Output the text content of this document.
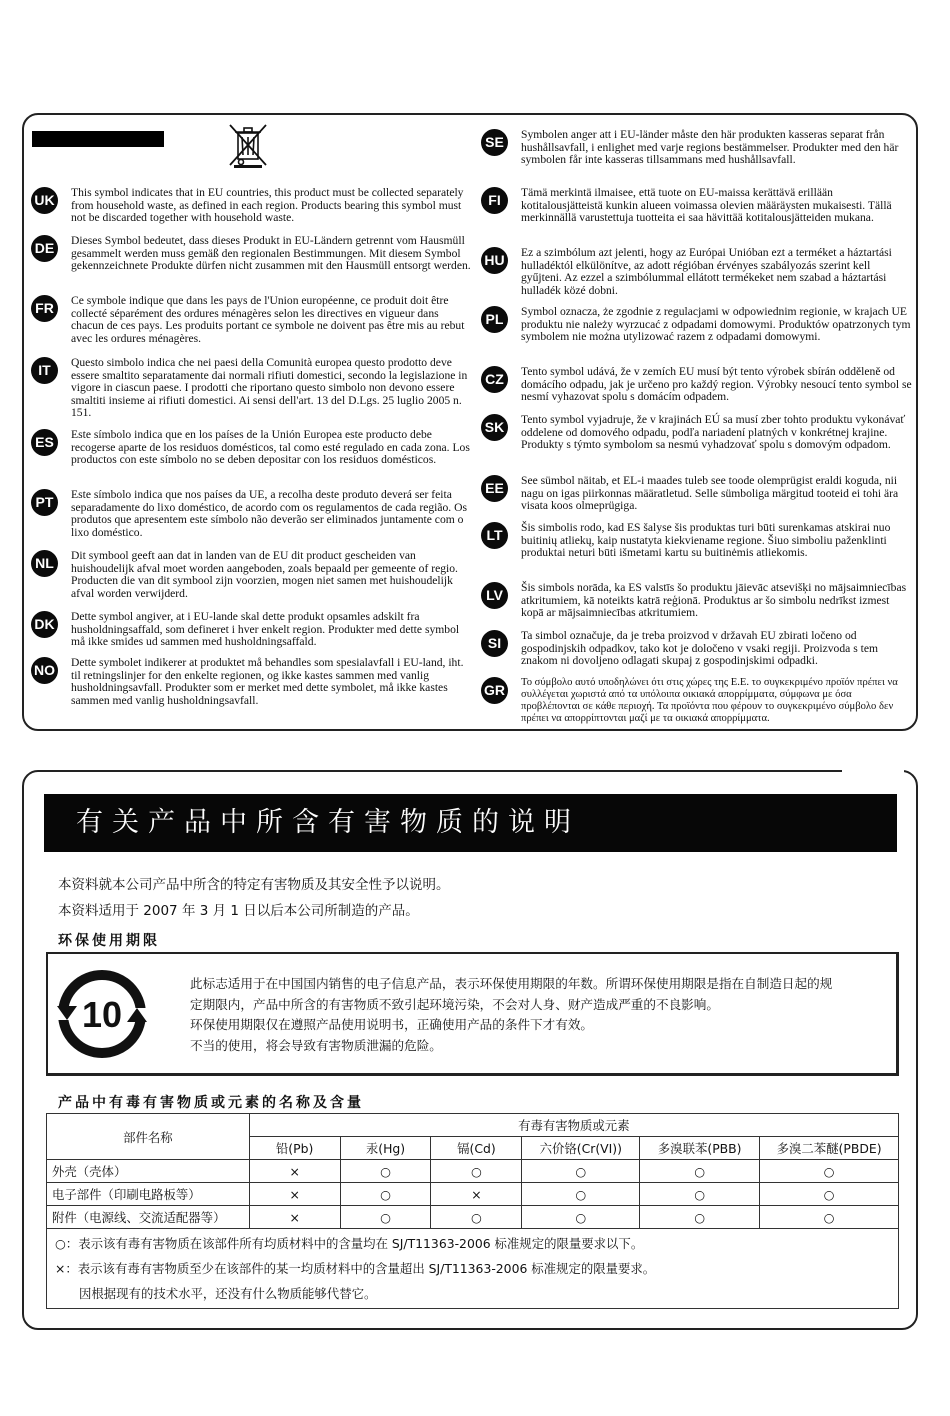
UK This symbol indicates that in EU countries, this product must be collected separately from household waste, as defined in each region. Products bearing this symbol must not be discarded together with household waste.

DE	Dieses Symbol bedeutet, dass dieses Produkt in EU-Ländern getrennt vom Hausmüll gesammelt werden muss gemäß den regionalen Bestimmungen. Mit diesem Symbol gekennzeichnete Produkte dürfen nicht zusammen mit den Hausmüll entsorgt werden.

FR	Ce symbole indique que dans les pays de l'Union européenne, ce produit doit être collecté séparément des ordures ménagères selon les directives en vigueur dans chacun de ces pays. Les produits portant ce symbole ne doivent pas être mis au rebut avec les ordures ménagères.

IT	Questo simbolo indica che nei paesi della Comunità europea questo prodotto deve essere smaltito separatamente dai normali rifiuti domestici, secondo la legislazione in vigore in ciascun paese. I prodotti che riportano questo simbolo non devono essere smaltiti insieme ai rifiuti domestici. Ai sensi dell'art. 13 del D.Lgs. 25 luglio 2005 n. 151.

ES	Este símbolo indica que en los países de la Unión Europea este producto debe recogerse aparte de los residuos domésticos, tal como esté regulado en cada zona. Los productos con este símbolo no se deben depositar con los residuos domésticos.

PT	Este símbolo indica que nos países da UE, a recolha deste produto deverá ser feita separadamente do lixo doméstico, de acordo com os regulamentos de cada região. Os produtos que apresentem este símbolo não deverão ser eliminados juntamente com o lixo doméstico.

NL	Dit symbool geeft aan dat in landen van de EU dit product gescheiden van huishoudelijk afval moet worden aangeboden, zoals bepaald per gemeente of regio. Producten die van dit symbool zijn voorzien, mogen niet samen met huishoudelijk afval worden verwijderd.

DK Dette symbol angiver, at i EU-lande skal dette produkt opsamles adskilt fra husholdningsaffald, som defineret i hver enkelt region. Produkter med dette symbol må ikke smides ud sammen med husholdningsaffald.

NO Dette symbolet indikerer at produktet må behandles som spesialavfall i EU-land, iht. til retningslinjer for den enkelte regionen, og ikke kastes sammen med vanlig husholdningsavfall. Produkter som er merket med dette symbolet, må ikke kastes sammen med vanlig husholdningsavfall.

SE	Symbolen anger att i EU-länder måste den här produkten kasseras separat från hushållsavfall, i enlighet med varje regions bestämmelser. Produkter med den här symbolen får inte kasseras tillsammans med hushållsavfall.

FI	Tämä merkintä ilmaisee, että tuote on EU-maissa kerättävä erillään kotitalousjätteistä kunkin alueen voimassa olevien määräysten mukaisesti. Tällä merkinnällä varustettuja tuotteita ei saa hävittää kotitalousjätteiden mukana.

HU Ez a szimbólum azt jelenti, hogy az Európai Unióban ezt a terméket a háztartási hulladéktól elkülönítve, az adott régióban érvényes szabályozás szerint kell gyűjteni. Az ezzel a szimbólummal ellátott termékeket nem szabad a háztartási hulladék közé dobni.

PL	Symbol oznacza, że zgodnie z regulacjami w odpowiednim regionie, w krajach UE produktu nie należy wyrzucać z odpadami domowymi. Produktów opatrzonych tym symbolem nie można utylizować razem z odpadami domowymi.

CZ	Tento symbol udává, že v zemích EU musí být tento výrobek sbírán odděleně od domácího odpadu, jak je určeno pro každý region. Výrobky nesoucí tento symbol se nesmí vyhazovat spolu s domácím odpadem.

SK	Tento symbol vyjadruje, že v krajinách EÚ sa musí zber tohto produktu vykonávať oddelene od domového odpadu, podľa nariadení platných v konkrétnej krajine. Produkty s týmto symbolom sa nesmú vyhadzovať spolu s domovým odpadom.

EE	See sümbol näitab, et EL-i maades tuleb see toode olemprügist eraldi koguda, nii nagu on igas piirkonnas määratletud. Selle sümboliga märgitud tooteid ei tohi ära visata koos olmeprügiga.

LT	Šis simbolis rodo, kad ES šalyse šis produktas turi būti surenkamas atskirai nuo buitinių atliekų, kaip nustatyta kiekviename regione. Šiuo simboliu paženklinti produktai neturi būti išmetami kartu su buitinėmis atliekomis.

LV	Šis simbols norāda, ka ES valstīs šo produktu jāievāc atsevišķi no mājsaimniecības atkritumiem, kā noteikts katrā reģionā. Produktus ar šo simbolu nedrīkst izmest kopā ar mājsaimniecības atkritumiem.

SI	Ta simbol označuje, da je treba proizvod v državah EU zbirati ločeno od gospodinjskih odpadkov, tako kot je določeno v vsaki regiji. Proizvoda s tem znakom ni dovoljeno odlagati skupaj z gospodinjskimi odpadki.

GR Το σύμβολο αυτό υποδηλώνει ότι στις χώρες της Ε.Ε. το συγκεκριμένο προϊόν πρέπει να συλλέγεται χωριστά από τα υπόλοιπα οικιακά απορρίμματα, σύμφωνα με όσα προβλέπονται σε κάθε περιοχή. Τα προϊόντα που φέρουν το συγκεκριμένο σύμβολο δεν πρέπει να απορρίπτονται μαζί με τα οικιακά απορρίμματα.

有关产品中所含有害物质的说明
本资料就本公司产品中所含的特定有害物质及其安全性予以说明。
本资料适用于 2007 年 3 月 1 日以后本公司所制造的产品。
环保使用期限
10

此标志适用于在中国国内销售的电子信息产品，表示环保使用期限的年数。所谓环保使用期限是指在自制造日起的规

定期限内，产品中所含的有害物质不致引起环境污染，不会对人身、财产造成严重的不良影响。

环保使用期限仅在遵照产品使用说明书，正确使用产品的条件下才有效。

不当的使用，将会导致有害物质泄漏的危险。

产品中有毒有害物质或元素的名称及含量
部件名称	有毒有害物质或元素					
	铅(Pb)	汞(Hg)	镉(Cd)	六价铬(Cr(VI))	多溴联苯(PBB)	多溴二苯醚(PBDE)
外壳（壳体）	×	○	○	○	○	○
电子部件（印刷电路板等）	×	○	×	○	○	○
附件（电源线、交流适配器等）	×	○	○	○	○	○

○：表示该有毒有害物质在该部件所有均质材料中的含量均在 SJ/T11363-2006 标准规定的限量要求以下。
×：表示该有毒有害物质至少在该部件的某一均质材料中的含量超出 SJ/T11363-2006 标准规定的限量要求。
因根据现有的技术水平，还没有什么物质能够代替它。						
